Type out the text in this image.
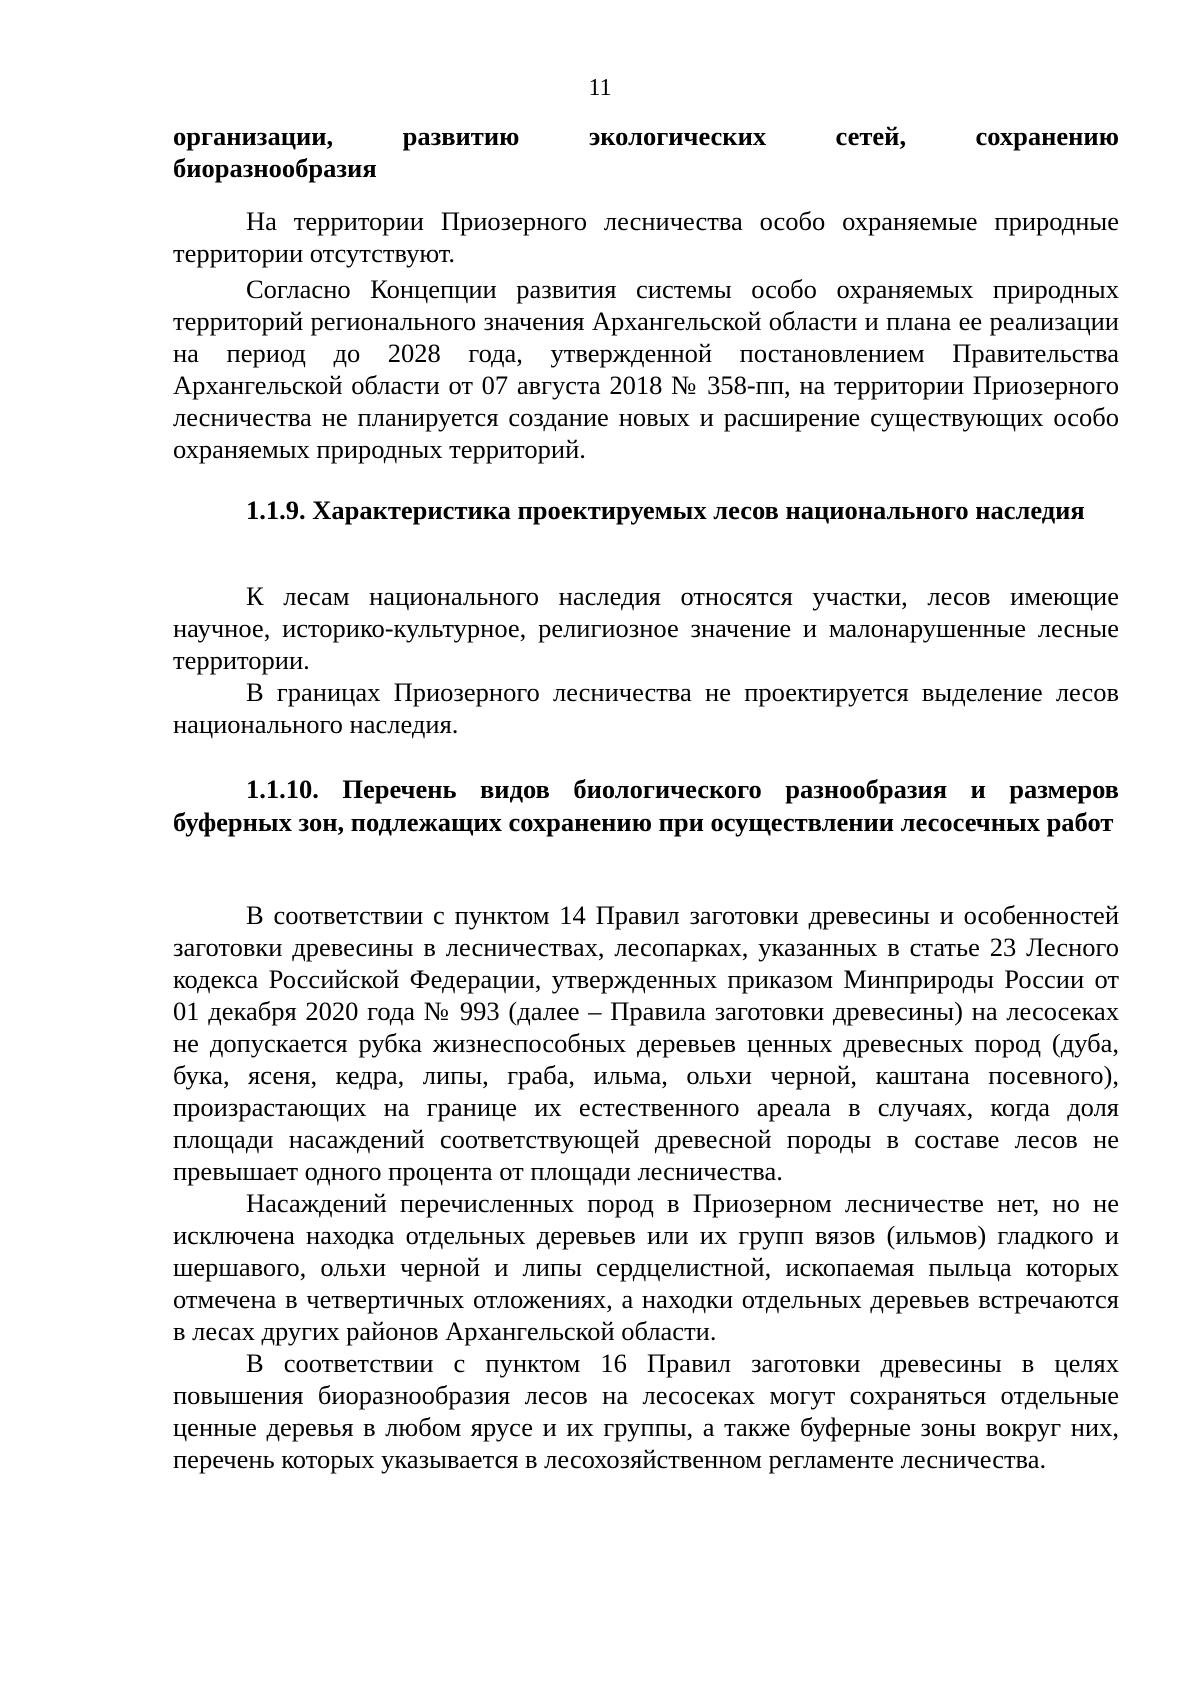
11
организации,	развитию	экологических	сетей,	сохранению
биоразнообразия

На территории Приозерного лесничества особо охраняемые природные территории отсутствуют.

Согласно Концепции развития системы особо охраняемых природных территорий регионального значения Архангельской области и плана ее реализации на период до 2028 года, утвержденной постановлением Правительства Архангельской области от 07 августа 2018 № 358-пп, на территории Приозерного лесничества не планируется создание новых и расширение существующих особо охраняемых природных территорий.

1.1.9. Характеристика проектируемых лесов национального наследия

К лесам национального наследия относятся участки, лесов имеющие научное, историко-культурное, религиозное значение и малонарушенные лесные территории.

В границах Приозерного лесничества не проектируется выделение лесов национального наследия.

1.1.10. Перечень видов биологического разнообразия и размеров буферных зон, подлежащих сохранению при осуществлении лесосечных работ

В соответствии с пунктом 14 Правил заготовки древесины и особенностей заготовки древесины в лесничествах, лесопарках, указанных в статье 23 Лесного кодекса Российской Федерации, утвержденных приказом Минприроды России от 01 декабря 2020 года № 993 (далее – Правила заготовки древесины) на лесосеках не допускается рубка жизнеспособных деревьев ценных древесных пород (дуба, бука, ясеня, кедра, липы, граба, ильма, ольхи черной, каштана посевного), произрастающих на границе их естественного ареала в случаях, когда доля площади насаждений соответствующей древесной породы в составе лесов не превышает одного процента от площади лесничества.

Насаждений перечисленных пород в Приозерном лесничестве нет, но не исключена находка отдельных деревьев или их групп вязов (ильмов) гладкого и шершавого, ольхи черной и липы сердцелистной, ископаемая пыльца которых отмечена в четвертичных отложениях, а находки отдельных деревьев встречаются в лесах других районов Архангельской области.

В соответствии с пунктом 16 Правил заготовки древесины в целях повышения биоразнообразия лесов на лесосеках могут сохраняться отдельные ценные деревья в любом ярусе и их группы, а также буферные зоны вокруг них, перечень которых указывается в лесохозяйственном регламенте лесничества.
